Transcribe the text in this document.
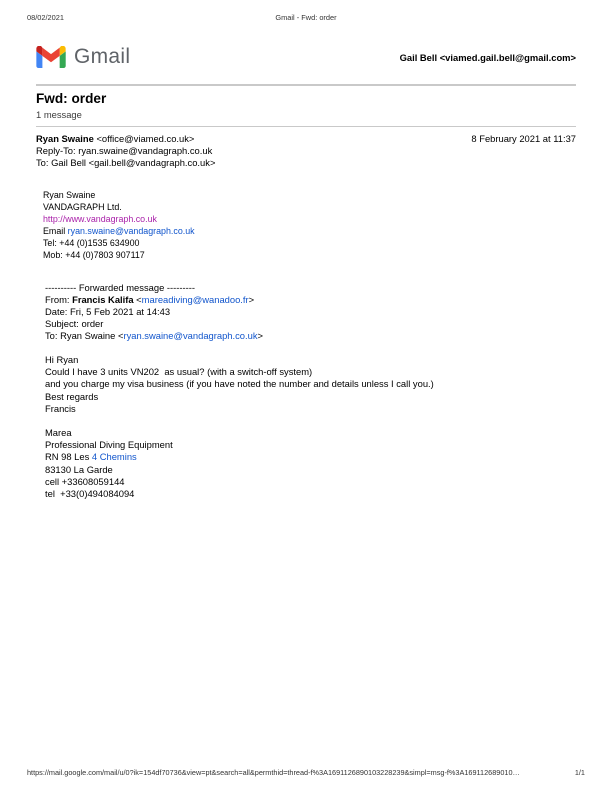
08/02/2021	Gmail - Fwd: order
Gmail	Gail Bell <viamed.gail.bell@gmail.com>
Fwd: order
1 message
Ryan Swaine <office@viamed.co.uk>
Reply-To: ryan.swaine@vandagraph.co.uk
To: Gail Bell <gail.bell@vandagraph.co.uk>
8 February 2021 at 11:37
Ryan Swaine
VANDAGRAPH Ltd.
http://www.vandagraph.co.uk
Email ryan.swaine@vandagraph.co.uk
Tel: +44 (0)1535 634900
Mob: +44 (0)7803 907117
---------- Forwarded message ---------
From: Francis Kalifa <mareadiving@wanadoo.fr>
Date: Fri, 5 Feb 2021 at 14:43
Subject: order
To: Ryan Swaine <ryan.swaine@vandagraph.co.uk>
Hi Ryan
Could I have 3 units VN202  as usual? (with a switch-off system)
and you charge my visa business (if you have noted the number and details unless I call you.)
Best regards
Francis
Marea
Professional Diving Equipment
RN 98 Les 4 Chemins
83130 La Garde
cell +33608059144
tel  +33(0)494084094
https://mail.google.com/mail/u/0?ik=154df70736&view=pt&search=all&permthid=thread-f%3A1691126890103228239&simpl=msg-f%3A169112689010…	1/1
